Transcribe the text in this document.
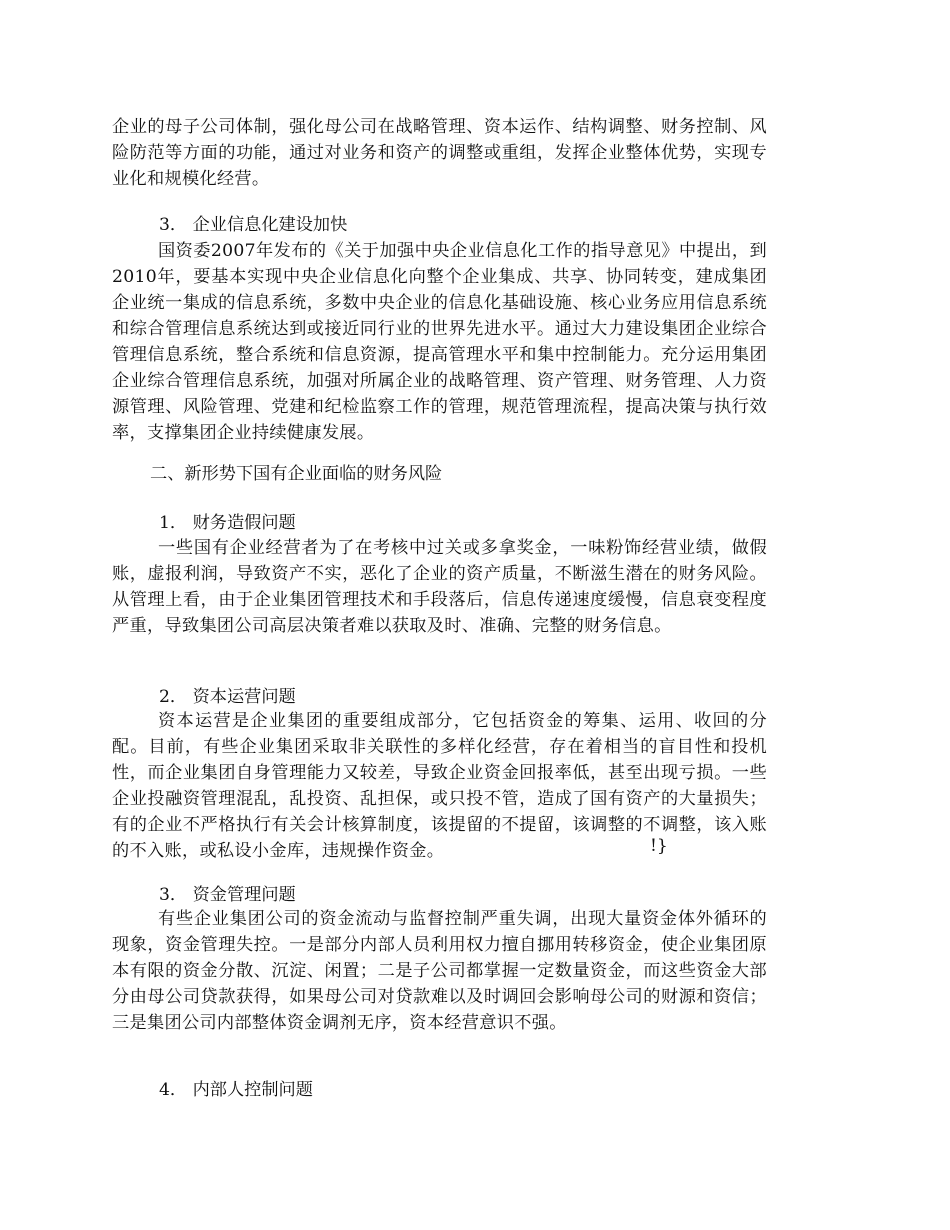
企业的母子公司体制，强化母公司在战略管理、资本运作、结构调整、财务控制、风险防范等方面的功能，通过对业务和资产的调整或重组，发挥企业整体优势，实现专业化和规模化经营。

3． 企业信息化建设加快

国资委2007年发布的《关于加强中央企业信息化工作的指导意见》中提出，到2010年，要基本实现中央企业信息化向整个企业集成、共享、协同转变，建成集团企业统一集成的信息系统，多数中央企业的信息化基础设施、核心业务应用信息系统和综合管理信息系统达到或接近同行业的世界先进水平。通过大力建设集团企业综合管理信息系统，整合系统和信息资源，提高管理水平和集中控制能力。充分运用集团企业综合管理信息系统，加强对所属企业的战略管理、资产管理、财务管理、人力资源管理、风险管理、党建和纪检监察工作的管理，规范管理流程，提高决策与执行效率，支撑集团企业持续健康发展。

二、新形势下国有企业面临的财务风险

1． 财务造假问题

一些国有企业经营者为了在考核中过关或多拿奖金，一味粉饰经营业绩，做假账，虚报利润，导致资产不实，恶化了企业的资产质量，不断滋生潜在的财务风险。从管理上看，由于企业集团管理技术和手段落后，信息传递速度缓慢，信息衰变程度严重，导致集团公司高层决策者难以获取及时、准确、完整的财务信息。

2． 资本运营问题

资本运营是企业集团的重要组成部分，它包括资金的筹集、运用、收回的分配。目前，有些企业集团采取非关联性的多样化经营，存在着相当的盲目性和投机性，而企业集团自身管理能力又较差，导致企业资金回报率低，甚至出现亏损。一些企业投融资管理混乱，乱投资、乱担保，或只投不管，造成了国有资产的大量损失；有的企业不严格执行有关会计核算制度，该提留的不提留，该调整的不调整，该入账的不入账，或私设小金库，违规操作资金。	!}

3． 资金管理问题

有些企业集团公司的资金流动与监督控制严重失调，出现大量资金体外循环的现象，资金管理失控。一是部分内部人员利用权力擅自挪用转移资金，使企业集团原本有限的资金分散、沉淀、闲置；二是子公司都掌握一定数量资金，而这些资金大部分由母公司贷款获得，如果母公司对贷款难以及时调回会影响母公司的财源和资信；三是集团公司内部整体资金调剂无序，资本经营意识不强。

4． 内部人控制问题
